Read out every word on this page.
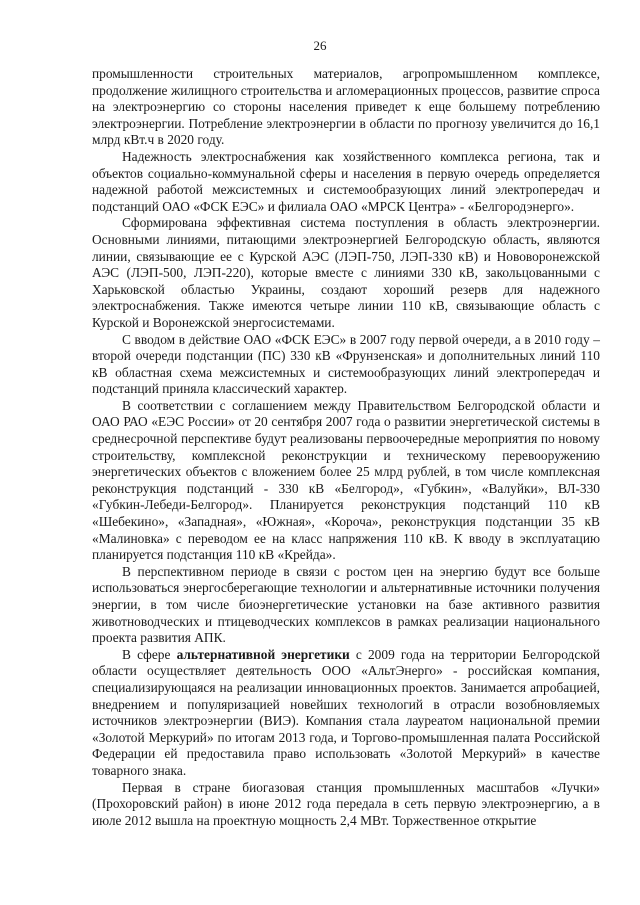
26

промышленности строительных материалов, агропромышленном комплексе, продолжение жилищного строительства и агломерационных процессов, развитие спроса на электроэнергию со стороны населения приведет к еще большему потреблению электроэнергии. Потребление электроэнергии в области по прогнозу увеличится до 16,1 млрд кВт.ч в 2020 году.

Надежность электроснабжения как хозяйственного комплекса региона, так и объектов социально-коммунальной сферы и населения в первую очередь определяется надежной работой межсистемных и системообразующих линий электропередач и подстанций ОАО «ФСК ЕЭС» и филиала ОАО «МРСК Центра» - «Белгородэнерго».

Сформирована эффективная система поступления в область электроэнергии. Основными линиями, питающими электроэнергией Белгородскую область, являются линии, связывающие ее с Курской АЭС (ЛЭП-750, ЛЭП-330 кВ) и Нововоронежской АЭС (ЛЭП-500, ЛЭП-220), которые вместе с линиями 330 кВ, закольцованными с Харьковской областью Украины, создают хороший резерв для надежного электроснабжения. Также имеются четыре линии 110 кВ, связывающие область с Курской и Воронежской энергосистемами.

С вводом в действие ОАО «ФСК ЕЭС» в 2007 году первой очереди, а в 2010 году – второй очереди подстанции (ПС) 330 кВ «Фрунзенская» и дополнительных линий 110 кВ областная схема межсистемных и системообразующих линий электропередач и подстанций приняла классический характер.

В соответствии с соглашением между Правительством Белгородской области и ОАО РАО «ЕЭС России» от 20 сентября 2007 года о развитии энергетической системы в среднесрочной перспективе будут реализованы первоочередные мероприятия по новому строительству, комплексной реконструкции и техническому перевооружению энергетических объектов с вложением более 25 млрд рублей, в том числе комплексная реконструкция подстанций - 330 кВ «Белгород», «Губкин», «Валуйки», ВЛ-330 «Губкин-Лебеди-Белгород». Планируется реконструкция подстанций 110 кВ «Шебекино», «Западная», «Южная», «Короча», реконструкция подстанции 35 кВ «Малиновка» с переводом ее на класс напряжения 110 кВ. К вводу в эксплуатацию планируется подстанция 110 кВ «Крейда».

В перспективном периоде в связи с ростом цен на энергию будут все больше использоваться энергосберегающие технологии и альтернативные источники получения энергии, в том числе биоэнергетические установки на базе активного развития животноводческих и птицеводческих комплексов в рамках реализации национального проекта развития АПК.

В сфере альтернативной энергетики с 2009 года на территории Белгородской области осуществляет деятельность ООО «АльтЭнерго» - российская компания, специализирующаяся на реализации инновационных проектов. Занимается апробацией, внедрением и популяризацией новейших технологий в отрасли возобновляемых источников электроэнергии (ВИЭ). Компания стала лауреатом национальной премии «Золотой Меркурий» по итогам 2013 года, и Торгово-промышленная палата Российской Федерации ей предоставила право использовать «Золотой Меркурий» в качестве товарного знака.

Первая в стране биогазовая станция промышленных масштабов «Лучки» (Прохоровский район) в июне 2012 года передала в сеть первую электроэнергию, а в июле 2012 вышла на проектную мощность 2,4 МВт. Торжественное открытие
